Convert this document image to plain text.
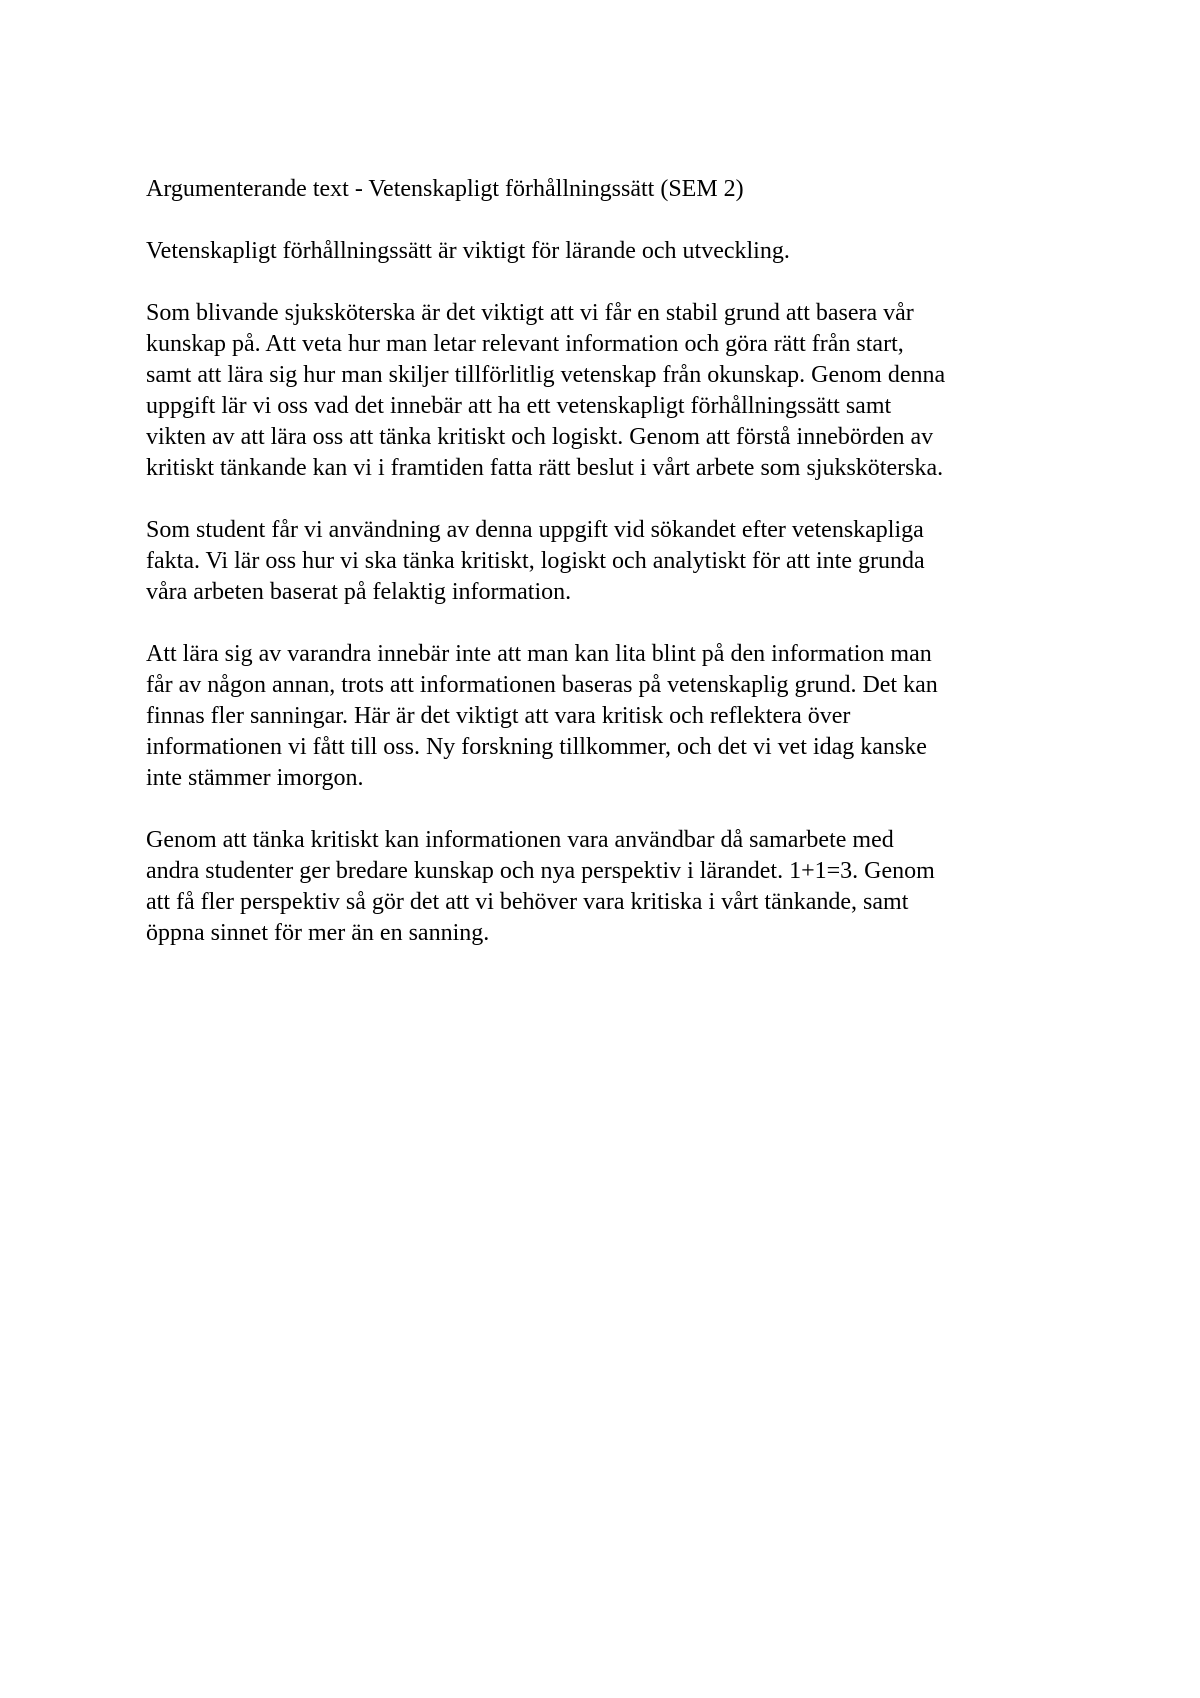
Argumenterande text - Vetenskapligt förhållningssätt (SEM 2)

Vetenskapligt förhållningssätt är viktigt för lärande och utveckling.

Som blivande sjuksköterska är det viktigt att vi får en stabil grund att basera vår
kunskap på. Att veta hur man letar relevant information och göra rätt från start,
samt att lära sig hur man skiljer tillförlitlig vetenskap från okunskap. Genom denna
uppgift lär vi oss vad det innebär att ha ett vetenskapligt förhållningssätt samt
vikten av att lära oss att tänka kritiskt och logiskt. Genom att förstå innebörden av
kritiskt tänkande kan vi i framtiden fatta rätt beslut i vårt arbete som sjuksköterska.

Som student får vi användning av denna uppgift vid sökandet efter vetenskapliga
fakta. Vi lär oss hur vi ska tänka kritiskt, logiskt och analytiskt för att inte grunda
våra arbeten baserat på felaktig information.

Att lära sig av varandra innebär inte att man kan lita blint på den information man
får av någon annan, trots att informationen baseras på vetenskaplig grund. Det kan
finnas fler sanningar. Här är det viktigt att vara kritisk och reflektera över
informationen vi fått till oss. Ny forskning tillkommer, och det vi vet idag kanske
inte stämmer imorgon.

Genom att tänka kritiskt kan informationen vara användbar då samarbete med
andra studenter ger bredare kunskap och nya perspektiv i lärandet. 1+1=3. Genom
att få fler perspektiv så gör det att vi behöver vara kritiska i vårt tänkande, samt
öppna sinnet för mer än en sanning.
